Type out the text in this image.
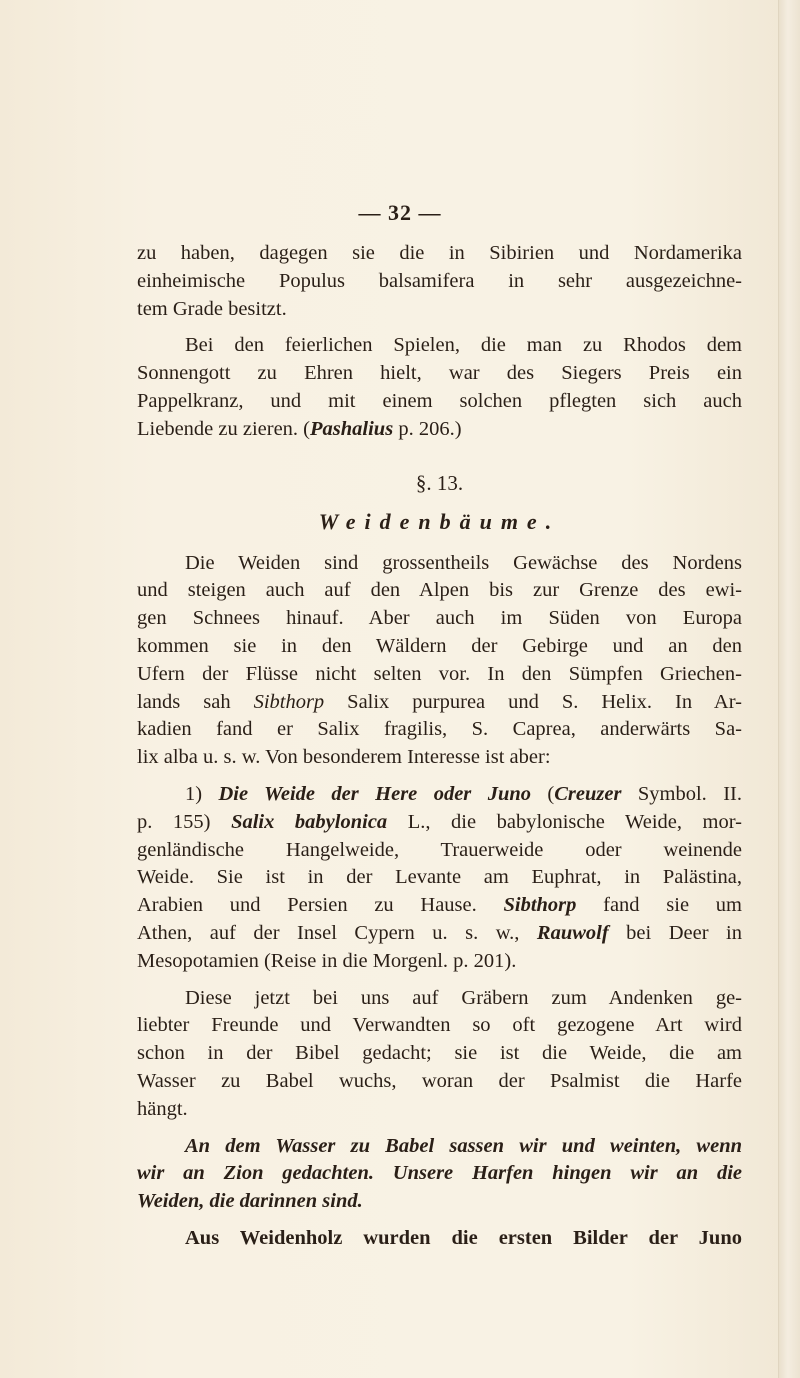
— 32 —
zu haben, dagegen sie die in Sibirien und Nordamerika
einheimische Populus balsamifera in sehr ausgezeichne-
tem Grade besitzt.
Bei den feierlichen Spielen, die man zu Rhodos dem
Sonnengott zu Ehren hielt, war des Siegers Preis ein
Pappelkranz, und mit einem solchen pflegten sich auch
Liebende zu zieren. (Pashalius p. 206.)
§. 13.
Weidenbäume.
Die Weiden sind grossentheils Gewächse des Nordens
und steigen auch auf den Alpen bis zur Grenze des ewi-
gen Schnees hinauf. Aber auch im Süden von Europa
kommen sie in den Wäldern der Gebirge und an den
Ufern der Flüsse nicht selten vor. In den Sümpfen Griechen-
lands sah Sibthorp Salix purpurea und S. Helix. In Ar-
kadien fand er Salix fragilis, S. Caprea, anderwärts Sa-
lix alba u. s. w. Von besonderem Interesse ist aber:
1) Die Weide der Here oder Juno (Creuzer Symbol. II.
p. 155) Salix babylonica L., die babylonische Weide, mor-
genländische Hangelweide, Trauerweide oder weinende
Weide. Sie ist in der Levante am Euphrat, in Palästina,
Arabien und Persien zu Hause. Sibthorp fand sie um
Athen, auf der Insel Cypern u. s. w., Rauwolf bei Deer in
Mesopotamien (Reise in die Morgenl. p. 201).
Diese jetzt bei uns auf Gräbern zum Andenken ge-
liebter Freunde und Verwandten so oft gezogene Art wird
schon in der Bibel gedacht; sie ist die Weide, die am
Wasser zu Babel wuchs, woran der Psalmist die Harfe
hängt.
An dem Wasser zu Babel sassen wir und weinten, wenn
wir an Zion gedachten. Unsere Harfen hingen wir an die
Weiden, die darinnen sind.
Aus Weidenholz wurden die ersten Bilder der Juno
